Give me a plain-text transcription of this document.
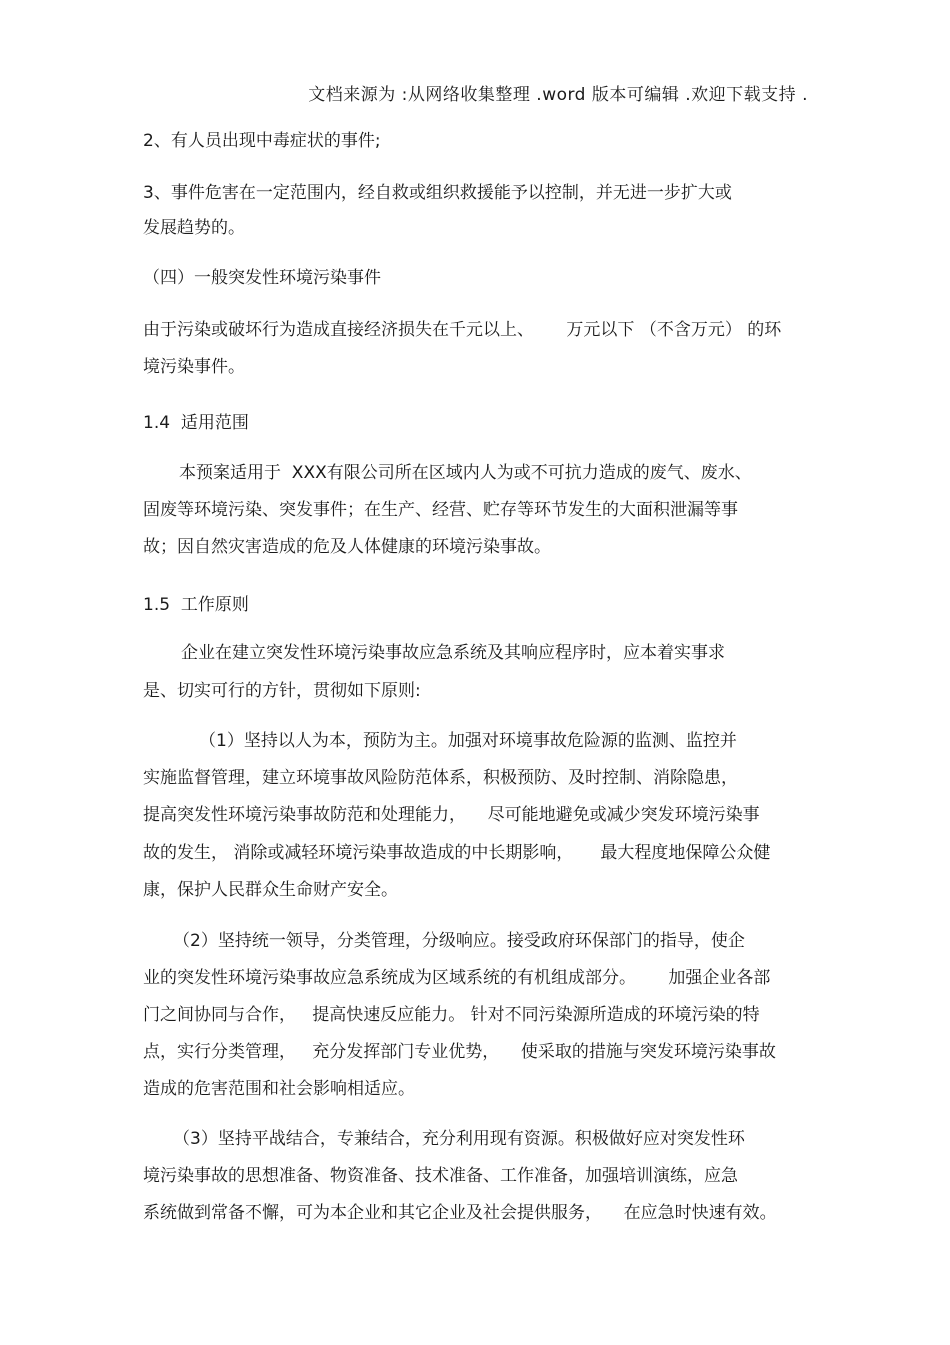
文档来源为 :从网络收集整理 .word 版本可编辑 .欢迎下载支持 .
2、有人员出现中毒症状的事件;
3、事件危害在一定范围内，经自救或组织救援能予以控制，并无进一步扩大或
发展趋势的。
（四）一般突发性环境污染事件
由于污染或破坏行为造成直接经济损失在千元以上、      万元以下 （不含万元） 的环
境污染事件。
1.4  适用范围
本预案适用于  XXX有限公司所在区域内人为或不可抗力造成的废气、废水、
固废等环境污染、突发事件；在生产、经营、贮存等环节发生的大面积泄漏等事
故；因自然灾害造成的危及人体健康的环境污染事故。
1.5  工作原则
企业在建立突发性环境污染事故应急系统及其响应程序时，应本着实事求
是、切实可行的方针，贯彻如下原则:
（1）坚持以人为本，预防为主。加强对环境事故危险源的监测、监控并
实施监督管理，建立环境事故风险防范体系，积极预防、及时控制、消除隐患，
提高突发性环境污染事故防范和处理能力，    尽可能地避免或减少突发环境污染事
故的发生， 消除或减轻环境污染事故造成的中长期影响，     最大程度地保障公众健
康，保护人民群众生命财产安全。
（2）坚持统一领导，分类管理，分级响应。接受政府环保部门的指导，使企
业的突发性环境污染事故应急系统成为区域系统的有机组成部分。      加强企业各部
门之间协同与合作，   提高快速反应能力。 针对不同污染源所造成的环境污染的特
点，实行分类管理，   充分发挥部门专业优势，    使采取的措施与突发环境污染事故
造成的危害范围和社会影响相适应。
（3）坚持平战结合，专兼结合，充分利用现有资源。积极做好应对突发性环
境污染事故的思想准备、物资准备、技术准备、工作准备，加强培训演练，应急
系统做到常备不懈，可为本企业和其它企业及社会提供服务，    在应急时快速有效。
